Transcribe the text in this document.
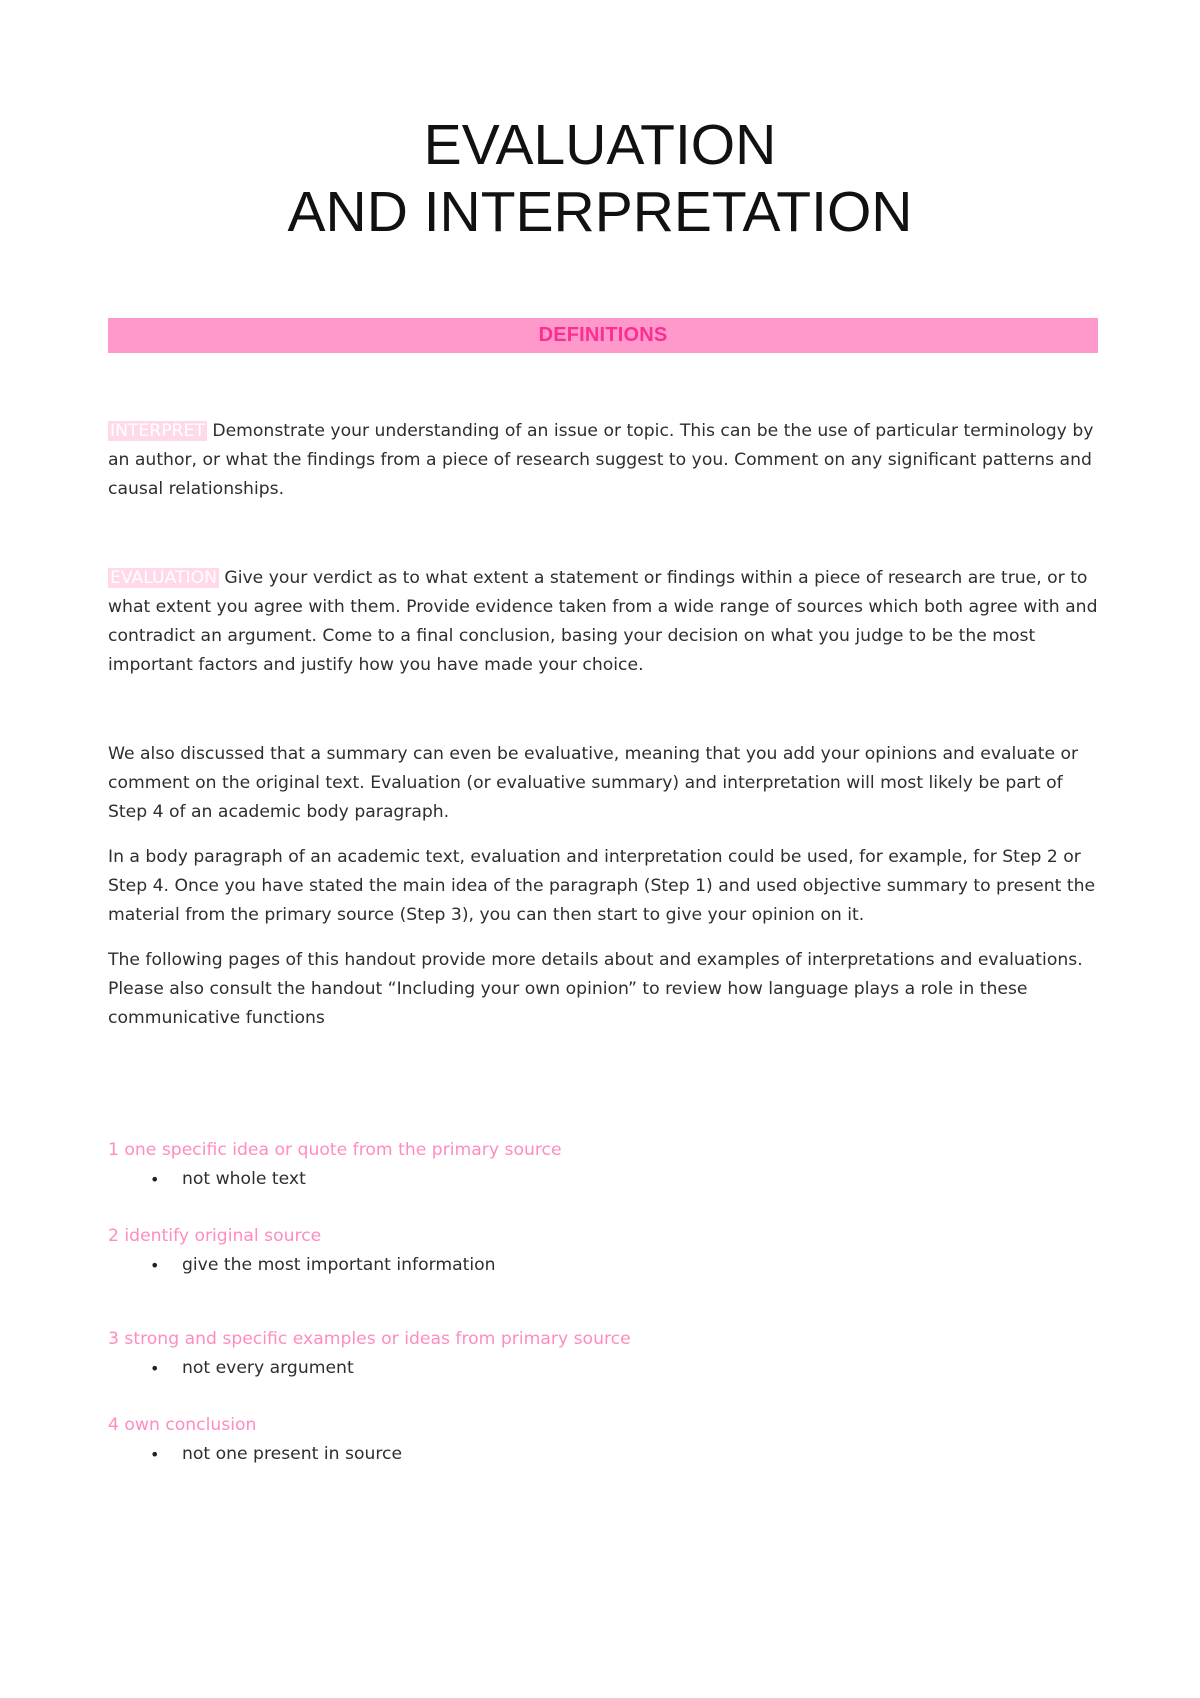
EVALUATION
AND INTERPRETATION
DEFINITIONS

INTERPRET Demonstrate your understanding of an issue or topic. This can be the use of particular terminology by an author, or what the findings from a piece of research suggest to you. Comment on any significant patterns and causal relationships.

EVALUATION Give your verdict as to what extent a statement or findings within a piece of research are true, or to what extent you agree with them. Provide evidence taken from a wide range of sources which both agree with and contradict an argument. Come to a final conclusion, basing your decision on what you judge to be the most important factors and justify how you have made your choice.

We also discussed that a summary can even be evaluative, meaning that you add your opinions and evaluate or comment on the original text. Evaluation (or evaluative summary) and interpretation will most likely be part of Step 4 of an academic body paragraph.

In a body paragraph of an academic text, evaluation and interpretation could be used, for example, for Step 2 or Step 4. Once you have stated the main idea of the paragraph (Step 1) and used objective summary to present the material from the primary source (Step 3), you can then start to give your opinion on it.

The following pages of this handout provide more details about and examples of interpretations and evaluations. Please also consult the handout “Including your own opinion” to review how language plays a role in these communicative functions

1 one specific idea or quote from the primary source

• not whole text

2 identify original source

• give the most important information

3 strong and specific examples or ideas from primary source

• not every argument

4 own conclusion

• not one present in source
